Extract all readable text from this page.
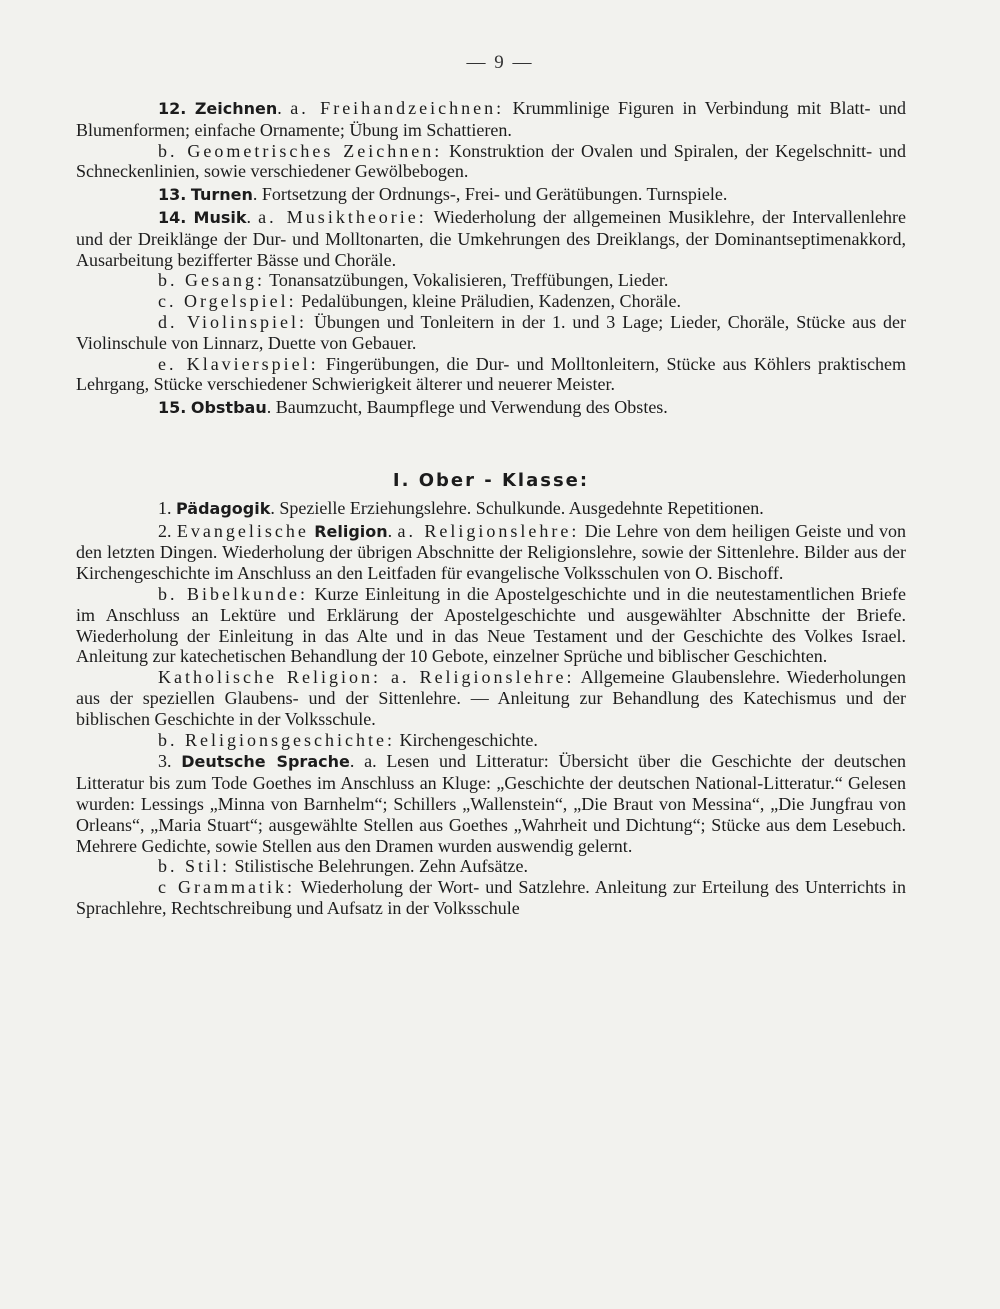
— 9 —

12. Zeichnen. a. Freihandzeichnen: Krummlinige Figuren in Verbindung mit Blatt- und Blumenformen; einfache Ornamente; Übung im Schattieren.

b. Geometrisches Zeichnen: Konstruktion der Ovalen und Spiralen, der Kegelschnitt- und Schneckenlinien, sowie verschiedener Gewölbebogen.

13. Turnen. Fortsetzung der Ordnungs-, Frei- und Gerätübungen. Turnspiele.

14. Musik. a. Musiktheorie: Wiederholung der allgemeinen Musiklehre, der Intervallenlehre und der Dreiklänge der Dur- und Molltonarten, die Umkehrungen des Dreiklangs, der Dominantseptimenakkord, Ausarbeitung bezifferter Bässe und Choräle.

b. Gesang: Tonansatzübungen, Vokalisieren, Treffübungen, Lieder.

c. Orgelspiel: Pedalübungen, kleine Präludien, Kadenzen, Choräle.

d. Violinspiel: Übungen und Tonleitern in der 1. und 3 Lage; Lieder, Choräle, Stücke aus der Violinschule von Linnarz, Duette von Gebauer.

e. Klavierspiel: Fingerübungen, die Dur- und Molltonleitern, Stücke aus Köhlers praktischem Lehrgang, Stücke verschiedener Schwierigkeit älterer und neuerer Meister.

15. Obstbau. Baumzucht, Baumpflege und Verwendung des Obstes.

I. Ober - Klasse:

1. Pädagogik. Spezielle Erziehungslehre. Schulkunde. Ausgedehnte Repetitionen.

2. Evangelische Religion. a. Religionslehre: Die Lehre von dem heiligen Geiste und von den letzten Dingen. Wiederholung der übrigen Abschnitte der Religionslehre, sowie der Sittenlehre. Bilder aus der Kirchengeschichte im Anschluss an den Leitfaden für evangelische Volksschulen von O. Bischoff.

b. Bibelkunde: Kurze Einleitung in die Apostelgeschichte und in die neutestamentlichen Briefe im Anschluss an Lektüre und Erklärung der Apostelgeschichte und ausgewählter Abschnitte der Briefe. Wiederholung der Einleitung in das Alte und in das Neue Testament und der Geschichte des Volkes Israel. Anleitung zur katechetischen Behandlung der 10 Gebote, einzelner Sprüche und biblischer Geschichten.

Katholische Religion: a. Religionslehre: Allgemeine Glaubenslehre. Wiederholungen aus der speziellen Glaubens- und der Sittenlehre. — Anleitung zur Behandlung des Katechismus und der biblischen Geschichte in der Volksschule.

b. Religionsgeschichte: Kirchengeschichte.

3. Deutsche Sprache. a. Lesen und Litteratur: Übersicht über die Geschichte der deutschen Litteratur bis zum Tode Goethes im Anschluss an Kluge: „Geschichte der deutschen National-Litteratur.“ Gelesen wurden: Lessings „Minna von Barnhelm“; Schillers „Wallenstein“, „Die Braut von Messina“, „Die Jungfrau von Orleans“, „Maria Stuart“; ausgewählte Stellen aus Goethes „Wahrheit und Dichtung“; Stücke aus dem Lesebuch. Mehrere Gedichte, sowie Stellen aus den Dramen wurden auswendig gelernt.

b. Stil: Stilistische Belehrungen. Zehn Aufsätze.

c Grammatik: Wiederholung der Wort- und Satzlehre. Anleitung zur Erteilung des Unterrichts in Sprachlehre, Rechtschreibung und Aufsatz in der Volksschule
